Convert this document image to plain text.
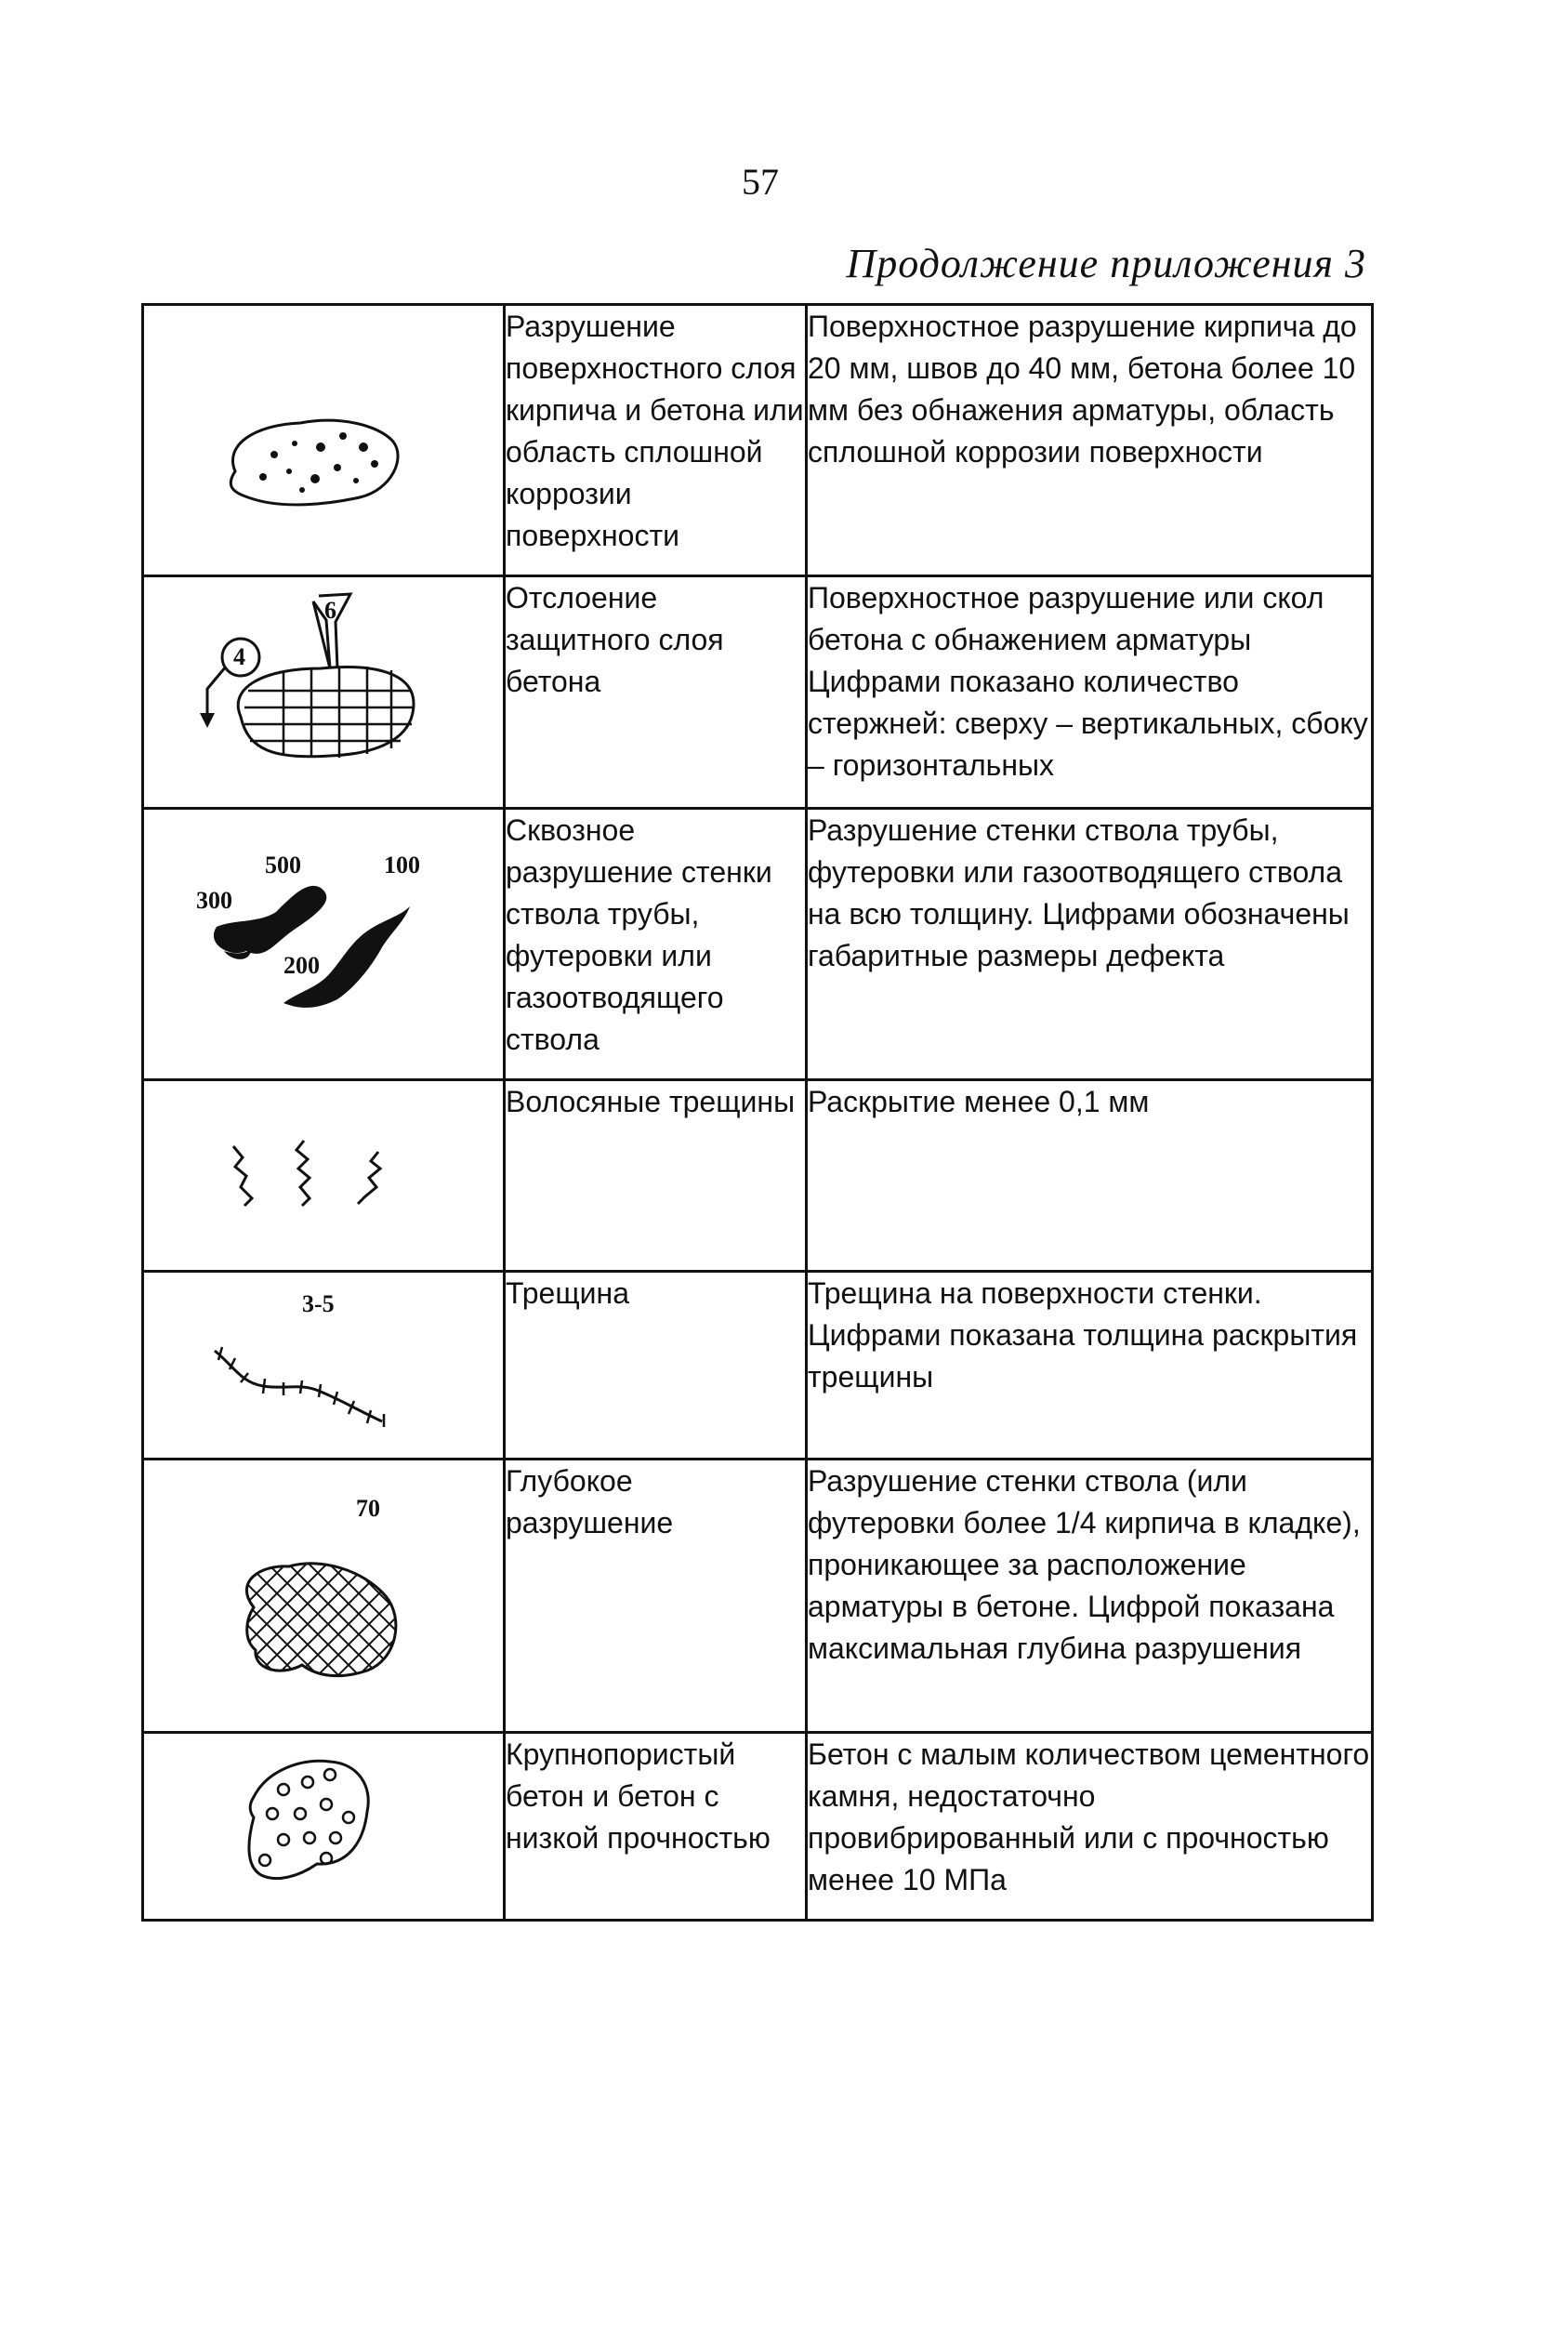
57
Продолжение приложения 3
	Разрушение поверхностного слоя кирпича и бетона или область сплошной коррозии поверхности	Поверхностное разрушение кирпича до 20 мм, швов до 40 мм, бетона более 10 мм без обнажения арматуры, область сплошной коррозии поверхности

6
4	Отслоение защитного слоя бетона	Поверхностное разрушение или скол бетона с обнажением арматуры Цифрами показано количество стержней: сверху – вертикальных, сбоку – горизонтальных

500 100
300
200	Сквозное разрушение стенки ствола трубы, футеровки или газоотводящего ствола	Разрушение стенки ствола трубы, футеровки или газоотводящего ствола на всю толщину. Цифрами обозначены габаритные размеры дефекта

	Волосяные трещины	Раскрытие менее 0,1 мм

3-5	Трещина	Трещина на поверхности стенки. Цифрами показана толщина раскрытия трещины

70	Глубокое разрушение	Разрушение стенки ствола (или футеровки более 1/4 кирпича в кладке), проникающее за расположение арматуры в бетоне. Цифрой показана максимальная глубина разрушения

	Крупнопористый бетон и бетон с низкой прочностью	Бетон с малым количеством цементного камня, недостаточно провибрированный или с прочностью менее 10 МПа
